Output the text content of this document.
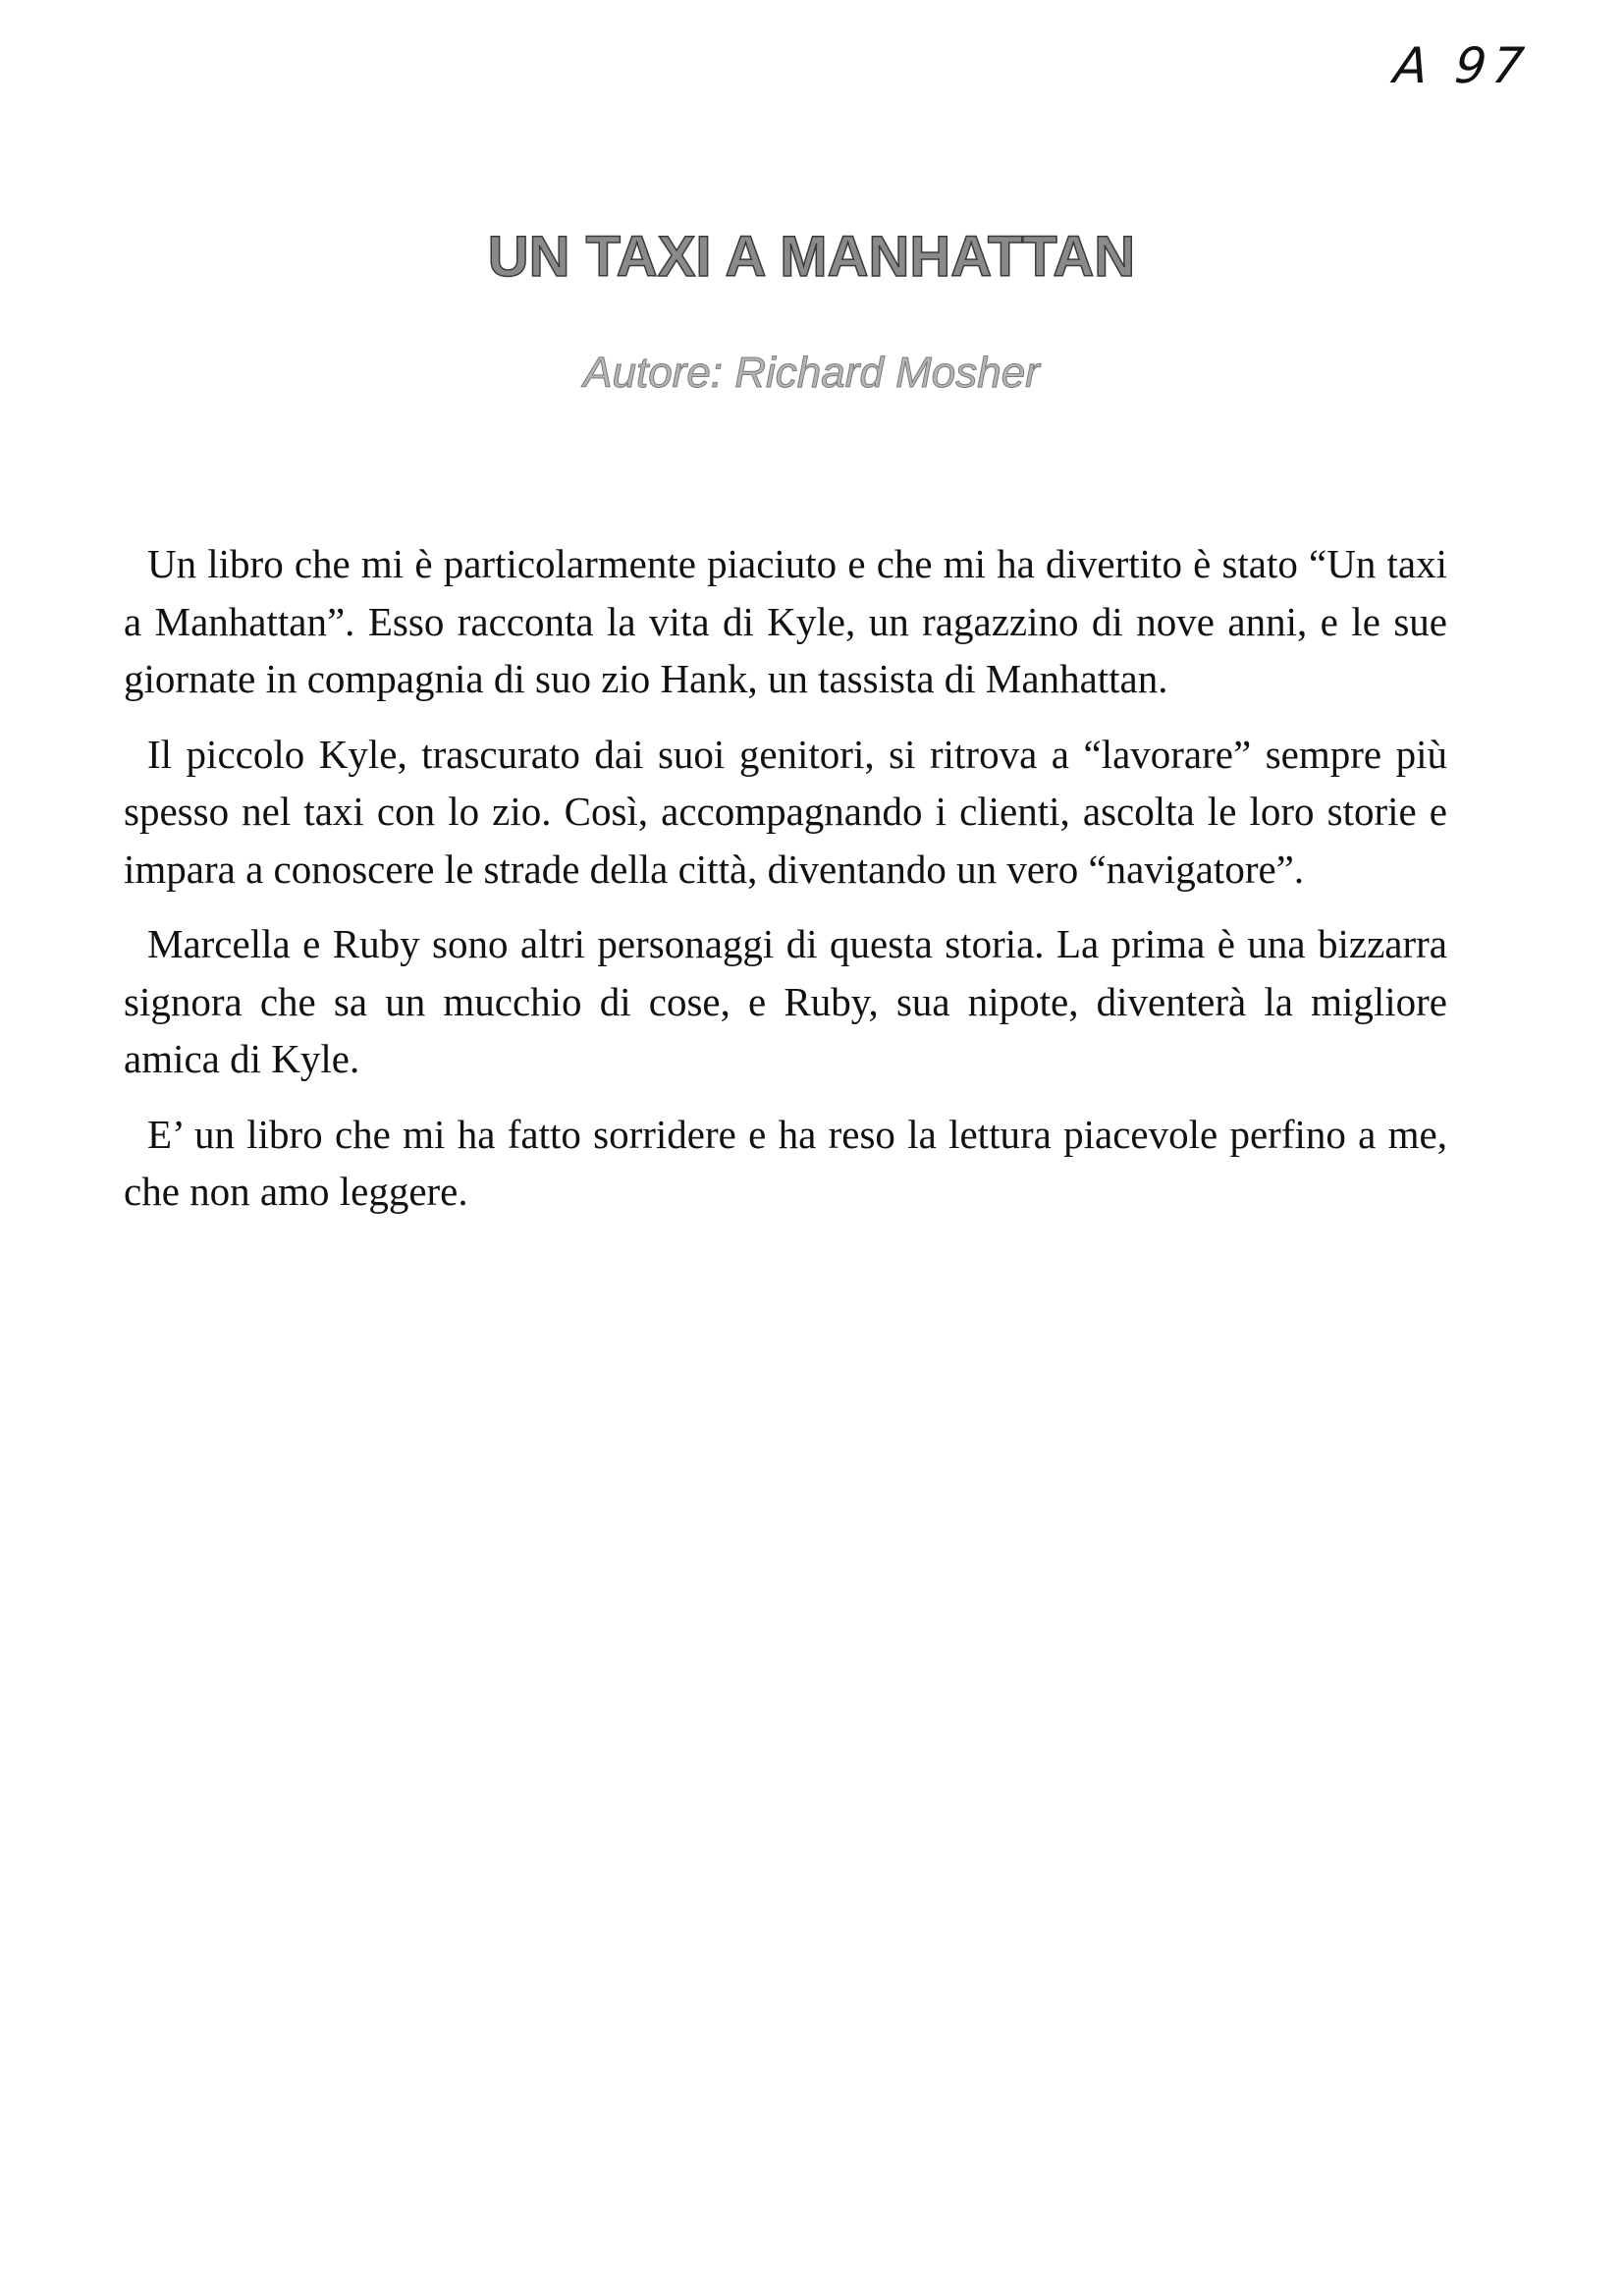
A 97
UN TAXI A MANHATTAN
Autore: Richard Mosher

Un libro che mi è particolarmente piaciuto e che mi ha divertito è stato “Un taxi a Manhattan”. Esso racconta la vita di Kyle, un ragazzino di nove anni, e le sue giornate in compagnia di suo zio Hank, un tassista di Manhattan.

Il piccolo Kyle, trascurato dai suoi genitori, si ritrova a “lavorare” sempre più spesso nel taxi con lo zio. Così, accompagnando i clienti, ascolta le loro storie e impara a conoscere le strade della città, diventando un vero “navigatore”.

Marcella e Ruby sono altri personaggi di questa storia. La prima è una bizzarra signora che sa un mucchio di cose, e Ruby, sua nipote, diventerà la migliore amica di Kyle.

E’ un libro che mi ha fatto sorridere e ha reso la lettura piacevole perfino a me, che non amo leggere.
